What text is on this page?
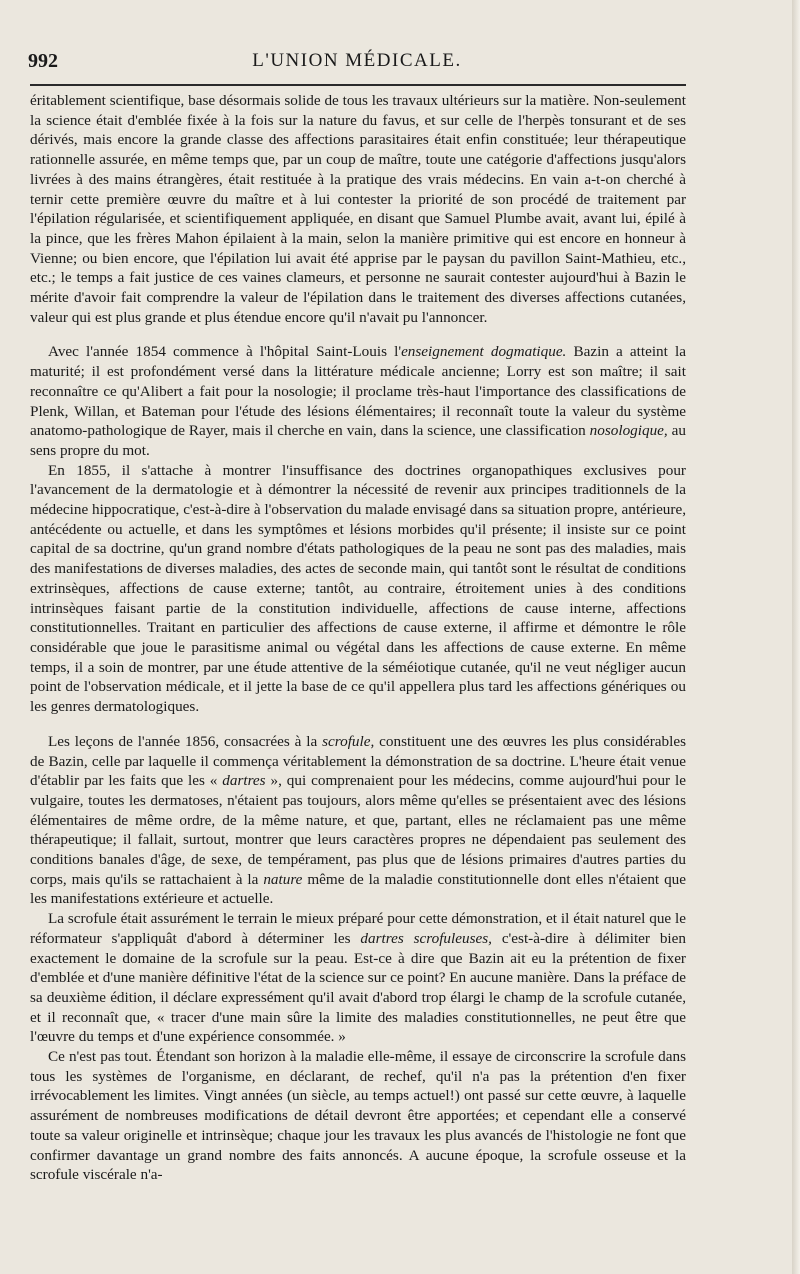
992	L'UNION MÉDICALE.

éritablement scientifique, base désormais solide de tous les travaux ultérieurs sur la matière. Non-seulement la science était d'emblée fixée à la fois sur la nature du favus, et sur celle de l'herpès tonsurant et de ses dérivés, mais encore la grande classe des affections parasitaires était enfin constituée; leur thérapeutique rationnelle assurée, en même temps que, par un coup de maître, toute une catégorie d'affections jusqu'alors livrées à des mains étrangères, était restituée à la pratique des vrais médecins. En vain a-t-on cherché à ternir cette première œuvre du maître et à lui contester la priorité de son procédé de traitement par l'épilation régularisée, et scientifiquement appliquée, en disant que Samuel Plumbe avait, avant lui, épilé à la pince, que les frères Mahon épilaient à la main, selon la manière primitive qui est encore en honneur à Vienne; ou bien encore, que l'épilation lui avait été apprise par le paysan du pavillon Saint-Mathieu, etc., etc.; le temps a fait justice de ces vaines clameurs, et personne ne saurait contester aujourd'hui à Bazin le mérite d'avoir fait comprendre la valeur de l'épilation dans le traitement des diverses affections cutanées, valeur qui est plus grande et plus étendue encore qu'il n'avait pu l'annoncer.

Avec l'année 1854 commence à l'hôpital Saint-Louis l'enseignement dogmatique. Bazin a atteint la maturité; il est profondément versé dans la littérature médicale ancienne; Lorry est son maître; il sait reconnaître ce qu'Alibert a fait pour la nosologie; il proclame très-haut l'importance des classifications de Plenk, Willan, et Bateman pour l'étude des lésions élémentaires; il reconnaît toute la valeur du système anatomo-pathologique de Rayer, mais il cherche en vain, dans la science, une classification nosologique, au sens propre du mot.

En 1855, il s'attache à montrer l'insuffisance des doctrines organopathiques exclusives pour l'avancement de la dermatologie et à démontrer la nécessité de revenir aux principes traditionnels de la médecine hippocratique, c'est-à-dire à l'observation du malade envisagé dans sa situation propre, antérieure, antécédente ou actuelle, et dans les symptômes et lésions morbides qu'il présente; il insiste sur ce point capital de sa doctrine, qu'un grand nombre d'états pathologiques de la peau ne sont pas des maladies, mais des manifestations de diverses maladies, des actes de seconde main, qui tantôt sont le résultat de conditions extrinsèques, affections de cause externe; tantôt, au contraire, étroitement unies à des conditions intrinsèques faisant partie de la constitution individuelle, affections de cause interne, affections constitutionnelles. Traitant en particulier des affections de cause externe, il affirme et démontre le rôle considérable que joue le parasitisme animal ou végétal dans les affections de cause externe. En même temps, il a soin de montrer, par une étude attentive de la séméiotique cutanée, qu'il ne veut négliger aucun point de l'observation médicale, et il jette la base de ce qu'il appellera plus tard les affections génériques ou les genres dermatologiques.

Les leçons de l'année 1856, consacrées à la scrofule, constituent une des œuvres les plus considérables de Bazin, celle par laquelle il commença véritablement la démonstration de sa doctrine. L'heure était venue d'établir par les faits que les « dartres », qui comprenaient pour les médecins, comme aujourd'hui pour le vulgaire, toutes les dermatoses, n'étaient pas toujours, alors même qu'elles se présentaient avec des lésions élémentaires de même ordre, de la même nature, et que, partant, elles ne réclamaient pas une même thérapeutique; il fallait, surtout, montrer que leurs caractères propres ne dépendaient pas seulement des conditions banales d'âge, de sexe, de tempérament, pas plus que de lésions primaires d'autres parties du corps, mais qu'ils se rattachaient à la nature même de la maladie constitutionnelle dont elles n'étaient que les manifestations extérieure et actuelle.

La scrofule était assurément le terrain le mieux préparé pour cette démonstration, et il était naturel que le réformateur s'appliquât d'abord à déterminer les dartres scrofuleuses, c'est-à-dire à délimiter bien exactement le domaine de la scrofule sur la peau. Est-ce à dire que Bazin ait eu la prétention de fixer d'emblée et d'une manière définitive l'état de la science sur ce point? En aucune manière. Dans la préface de sa deuxième édition, il déclare expressément qu'il avait d'abord trop élargi le champ de la scrofule cutanée, et il reconnaît que, « tracer d'une main sûre la limite des maladies constitutionnelles, ne peut être que l'œuvre du temps et d'une expérience consommée. »

Ce n'est pas tout. Étendant son horizon à la maladie elle-même, il essaye de circonscrire la scrofule dans tous les systèmes de l'organisme, en déclarant, de rechef, qu'il n'a pas la prétention d'en fixer irrévocablement les limites. Vingt années (un siècle, au temps actuel!) ont passé sur cette œuvre, à laquelle assurément de nombreuses modifications de détail devront être apportées; et cependant elle a conservé toute sa valeur originelle et intrinsèque; chaque jour les travaux les plus avancés de l'histologie ne font que confirmer davantage un grand nombre des faits annoncés. A aucune époque, la scrofule osseuse et la scrofule viscérale n'a-
